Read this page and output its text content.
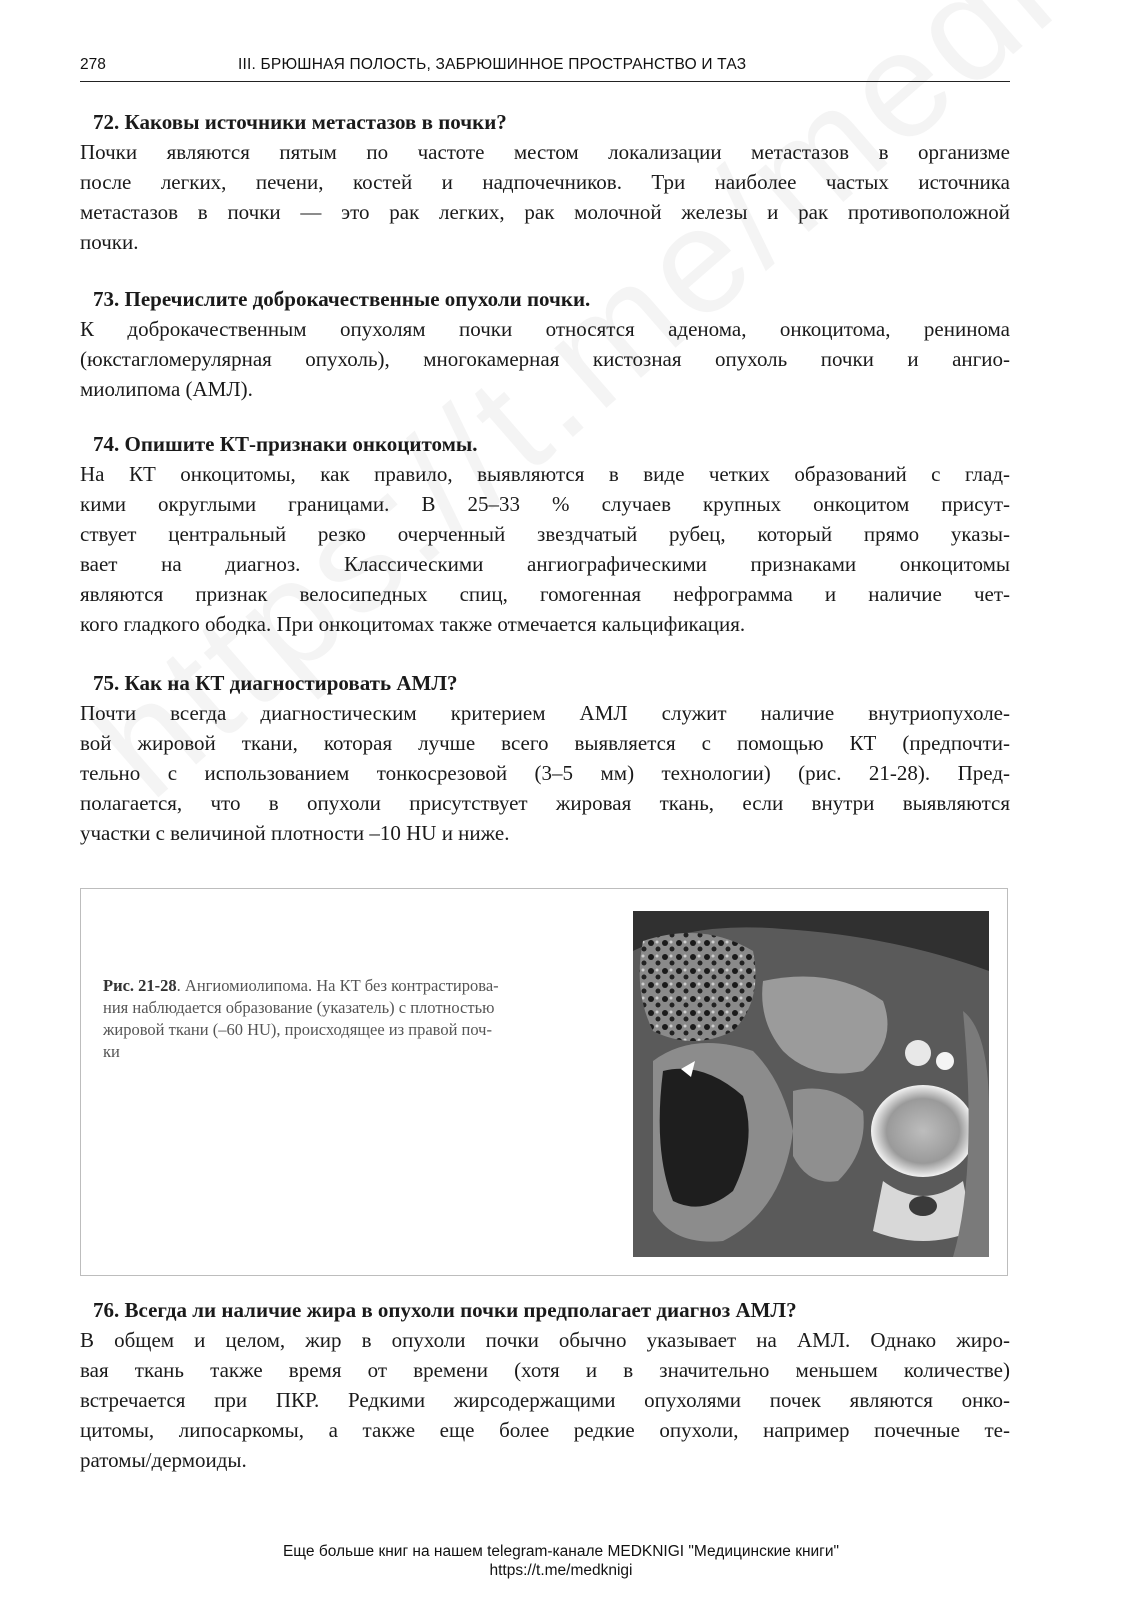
278	III. БРЮШНАЯ ПОЛОСТЬ, ЗАБРЮШИННОЕ ПРОСТРАНСТВО И ТАЗ

72. Каковы источники метастазов в почки?

Почки являются пятым по частоте местом локализации метастазов в организме
после легких, печени, костей и надпочечников. Три наиболее частых источника
метастазов в почки — это рак легких, рак молочной железы и рак противоположной
почки.

73. Перечислите доброкачественные опухоли почки.

К доброкачественным опухолям почки относятся аденома, онкоцитома, ренинома
(юкстагломерулярная опухоль), многокамерная кистозная опухоль почки и ангио-
миолипома (АМЛ).

74. Опишите КТ-признаки онкоцитомы.

На КТ онкоцитомы, как правило, выявляются в виде четких образований с глад-
кими округлыми границами. В 25–33 % случаев крупных онкоцитом присут-
ствует центральный резко очерченный звездчатый рубец, который прямо указы-
вает на диагноз. Классическими ангиографическими признаками онкоцитомы
являются признак велосипедных спиц, гомогенная нефрограмма и наличие чет-
кого гладкого ободка. При онкоцитомах также отмечается кальцификация.

75. Как на КТ диагностировать АМЛ?

Почти всегда диагностическим критерием АМЛ служит наличие внутриопухоле-
вой жировой ткани, которая лучше всего выявляется с помощью КТ (предпочти-
тельно с использованием тонкосрезовой (3–5 мм) технологии) (рис. 21-28). Пред-
полагается, что в опухоли присутствует жировая ткань, если внутри выявляются
участки с величиной плотности –10 HU и ниже.

Рис. 21-28. Ангиомиолипома. На КТ без контрастирова-
ния наблюдается образование (указатель) с плотностью
жировой ткани (–60 HU), происходящее из правой поч-
ки

76. Всегда ли наличие жира в опухоли почки предполагает диагноз АМЛ?

В общем и целом, жир в опухоли почки обычно указывает на АМЛ. Однако жиро-
вая ткань также время от времени (хотя и в значительно меньшем количестве)
встречается при ПКР. Редкими жирсодержащими опухолями почек являются онко-
цитомы, липосаркомы, а также еще более редкие опухоли, например почечные те-
ратомы/дермоиды.

Еще больше книг на нашем telegram-канале MEDKNIGI "Медицинские книги"
https://t.me/medknigi
